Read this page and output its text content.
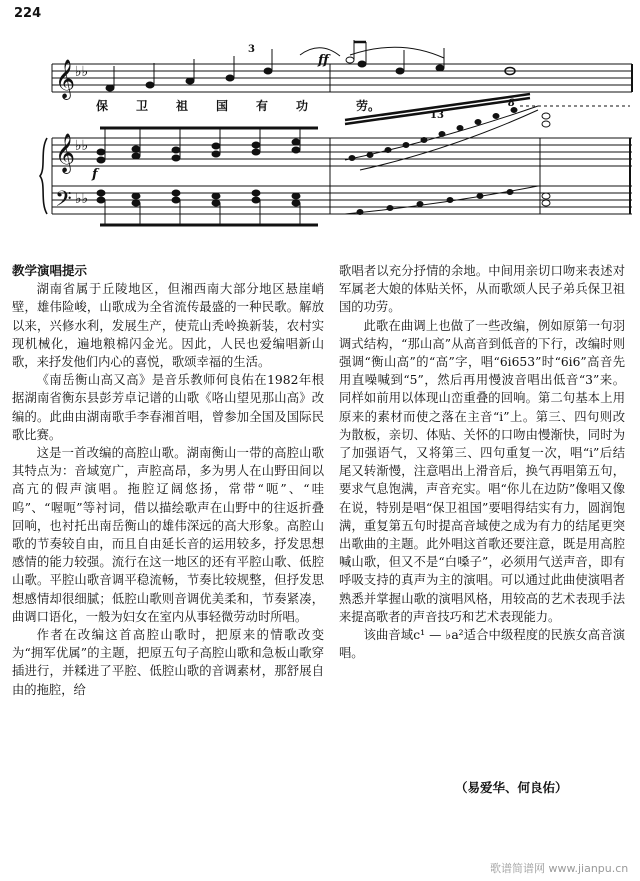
224
𝄞
𝄞
𝄢
♭♭
♭♭
♭♭
f
ff
3
13
8
保 卫 祖 国 有 功	劳。
教学演唱提示

湖南省属于丘陵地区，但湘西南大部分地区悬崖峭壁，雄伟险峻，山歌成为全省流传最盛的一种民歌。解放以来，兴修水利，发展生产，使荒山秃岭换新装，农村实现机械化，遍地粮棉闪金光。因此，人民也爱编唱新山歌，来抒发他们内心的喜悦，歌颂幸福的生活。

《南岳衡山高又高》是音乐教师何良佑在1982年根据湖南省衡东县彭芳卓记谱的山歌《咯山望见那山高》改编的。此曲由湖南歌手李春湘首唱，曾参加全国及国际民歌比赛。

这是一首改编的高腔山歌。湖南衡山一带的高腔山歌其特点为：音域宽广，声腔高昂，多为男人在山野田间以高亢的假声演唱。拖腔辽阔悠扬，常带“呃”、“哇呜”、“喔呃”等衬词，借以描绘歌声在山野中的往返折叠回响，也衬托出南岳衡山的雄伟深远的高大形象。高腔山歌的节奏较自由，而且自由延长音的运用较多，抒发思想感情的能力较强。流行在这一地区的还有平腔山歌、低腔山歌。平腔山歌音调平稳流畅，节奏比较规整，但抒发思想感情却很细腻；低腔山歌则音调优美柔和，节奏紧凑，曲调口语化，一般为妇女在室内从事轻微劳动时所唱。

作者在改编这首高腔山歌时，把原来的情歌改变为“拥军优属”的主题，把原五句子高腔山歌和急板山歌穿插进行，并糅进了平腔、低腔山歌的音调素材，那舒展自由的拖腔，给

歌唱者以充分抒情的余地。中间用亲切口吻来表述对军属老大娘的体贴关怀，从而歌颂人民子弟兵保卫祖国的功劳。

此歌在曲调上也做了一些改编，例如原第一句羽调式结构，“那山高”从高音到低音的下行，改编时则强调“衡山高”的“高”字，唱“6i653”时“6i6”高音先用直噪喊到“5”，然后再用慢波音唱出低音“3”来。同样如前用以体现山峦重叠的回响。第二句基本上用原来的素材而使之落在主音“i”上。第三、四句则改为散板，亲切、体贴、关怀的口吻由慢渐快，同时为了加强语气，又将第三、四句重复一次，唱“i”后结尾又转渐慢，注意唱出上滑音后，换气再唱第五句，要求气息饱满，声音充实。唱“你儿在边防”像唱又像在说，特别是唱“保卫祖国”要唱得结实有力，圆润饱满，重复第五句时提高音域使之成为有力的结尾更突出歌曲的主题。此外唱这首歌还要注意，既是用高腔喊山歌，但又不是“白嗓子”，必须用气送声音，即有呼吸支持的真声为主的演唱。可以通过此曲使演唱者熟悉并掌握山歌的演唱风格，用较高的艺术表现手法来提高歌者的声音技巧和艺术表现能力。

该曲音域c¹ — ♭a²适合中级程度的民族女高音演唱。

（易爱华、何良佑）
歌谱简谱网 www.jianpu.cn
